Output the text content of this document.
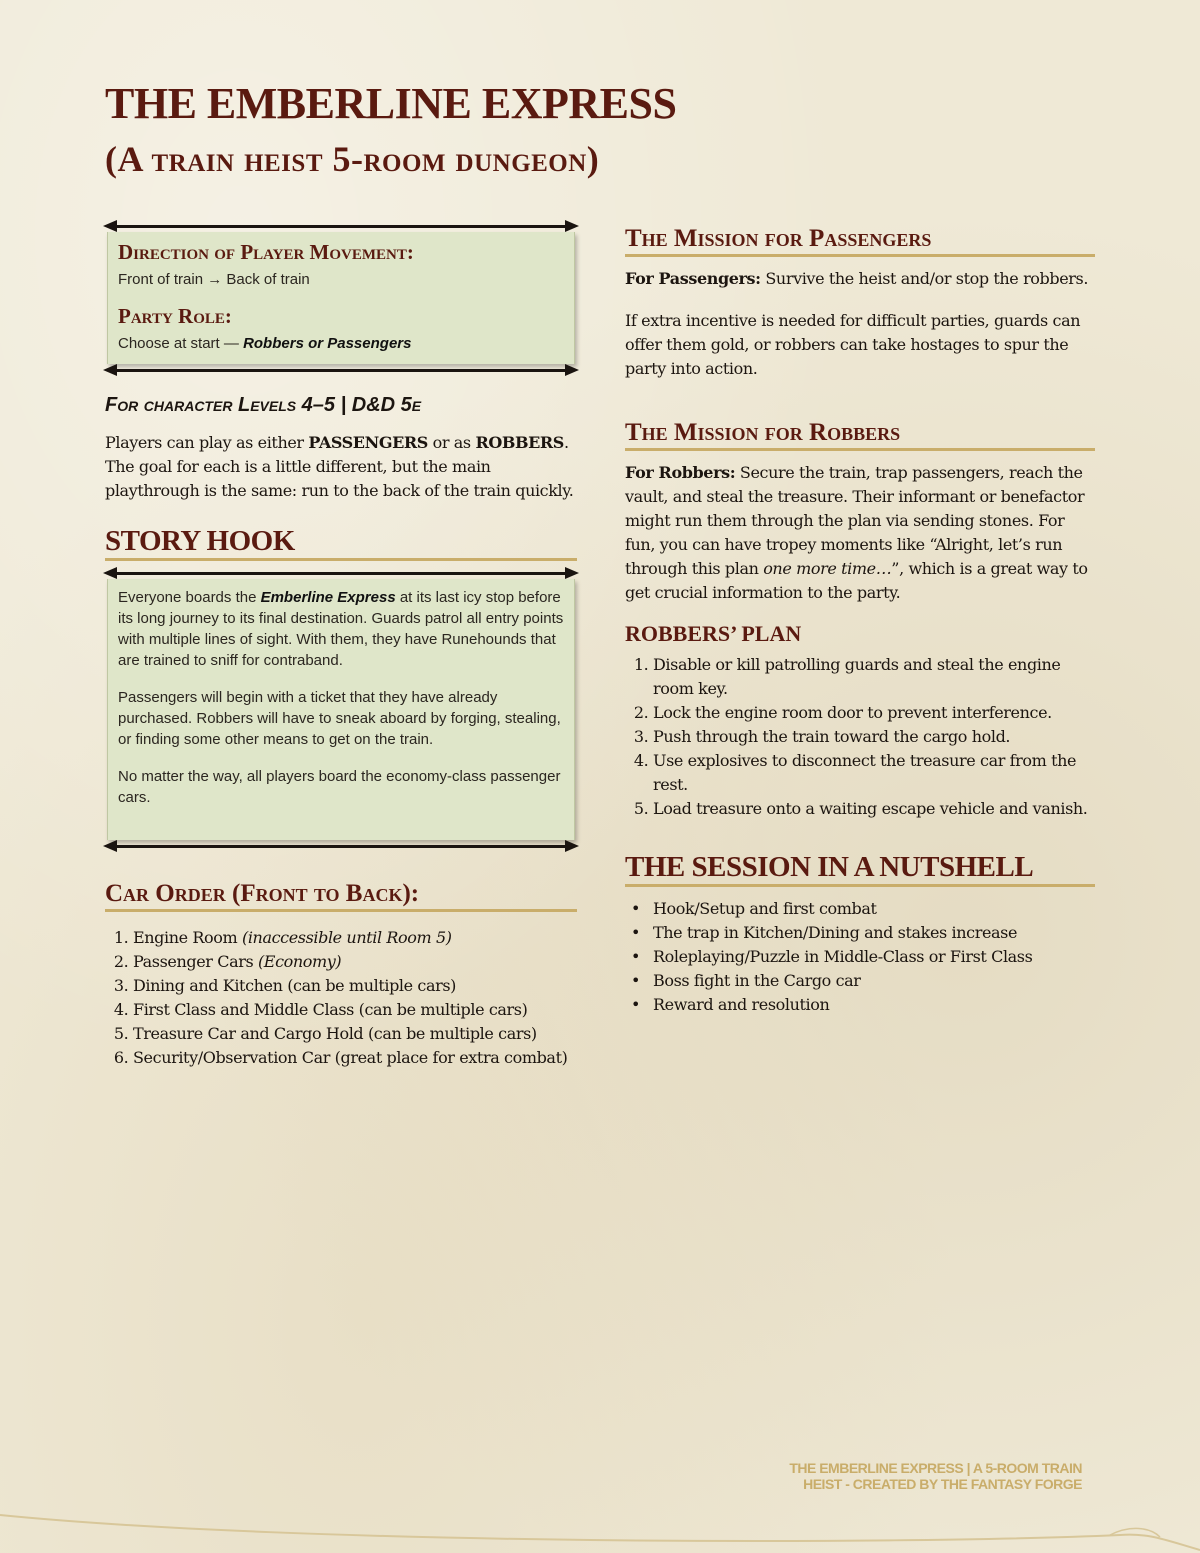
THE EMBERLINE EXPRESS
(A train heist 5-room dungeon)
Direction of Player Movement:
Front of train → Back of train
Party Role:
Choose at start — Robbers or Passengers
For character Levels 4–5 | D&D 5e
Players can play as either PASSENGERS or as ROBBERS. The goal for each is a little different, but the main playthrough is the same: run to the back of the train quickly.
STORY HOOK
Everyone boards the Emberline Express at its last icy stop before its long journey to its final destination. Guards patrol all entry points with multiple lines of sight. With them, they have Runehounds that are trained to sniff for contraband.
Passengers will begin with a ticket that they have already purchased. Robbers will have to sneak aboard by forging, stealing, or finding some other means to get on the train.
No matter the way, all players board the economy-class passenger cars.
Car Order (Front to Back):
1. Engine Room (inaccessible until Room 5)
2. Passenger Cars (Economy)
3. Dining and Kitchen (can be multiple cars)
4. First Class and Middle Class (can be multiple cars)
5. Treasure Car and Cargo Hold (can be multiple cars)
6. Security/Observation Car (great place for extra combat)
The Mission for Passengers
For Passengers: Survive the heist and/or stop the robbers.
If extra incentive is needed for difficult parties, guards can offer them gold, or robbers can take hostages to spur the party into action.
The Mission for Robbers
For Robbers: Secure the train, trap passengers, reach the vault, and steal the treasure. Their informant or benefactor might run them through the plan via sending stones. For fun, you can have tropey moments like “Alright, let’s run through this plan one more time…”, which is a great way to get crucial information to the party.
ROBBERS’ PLAN
1. Disable or kill patrolling guards and steal the engine room key.
2. Lock the engine room door to prevent interference.
3. Push through the train toward the cargo hold.
4. Use explosives to disconnect the treasure car from the rest.
5. Load treasure onto a waiting escape vehicle and vanish.
THE SESSION IN A NUTSHELL
• Hook/Setup and first combat
• The trap in Kitchen/Dining and stakes increase
• Roleplaying/Puzzle in Middle-Class or First Class
• Boss fight in the Cargo car
• Reward and resolution
THE EMBERLINE EXPRESS | A 5-ROOM TRAIN HEIST - CREATED BY THE FANTASY FORGE
